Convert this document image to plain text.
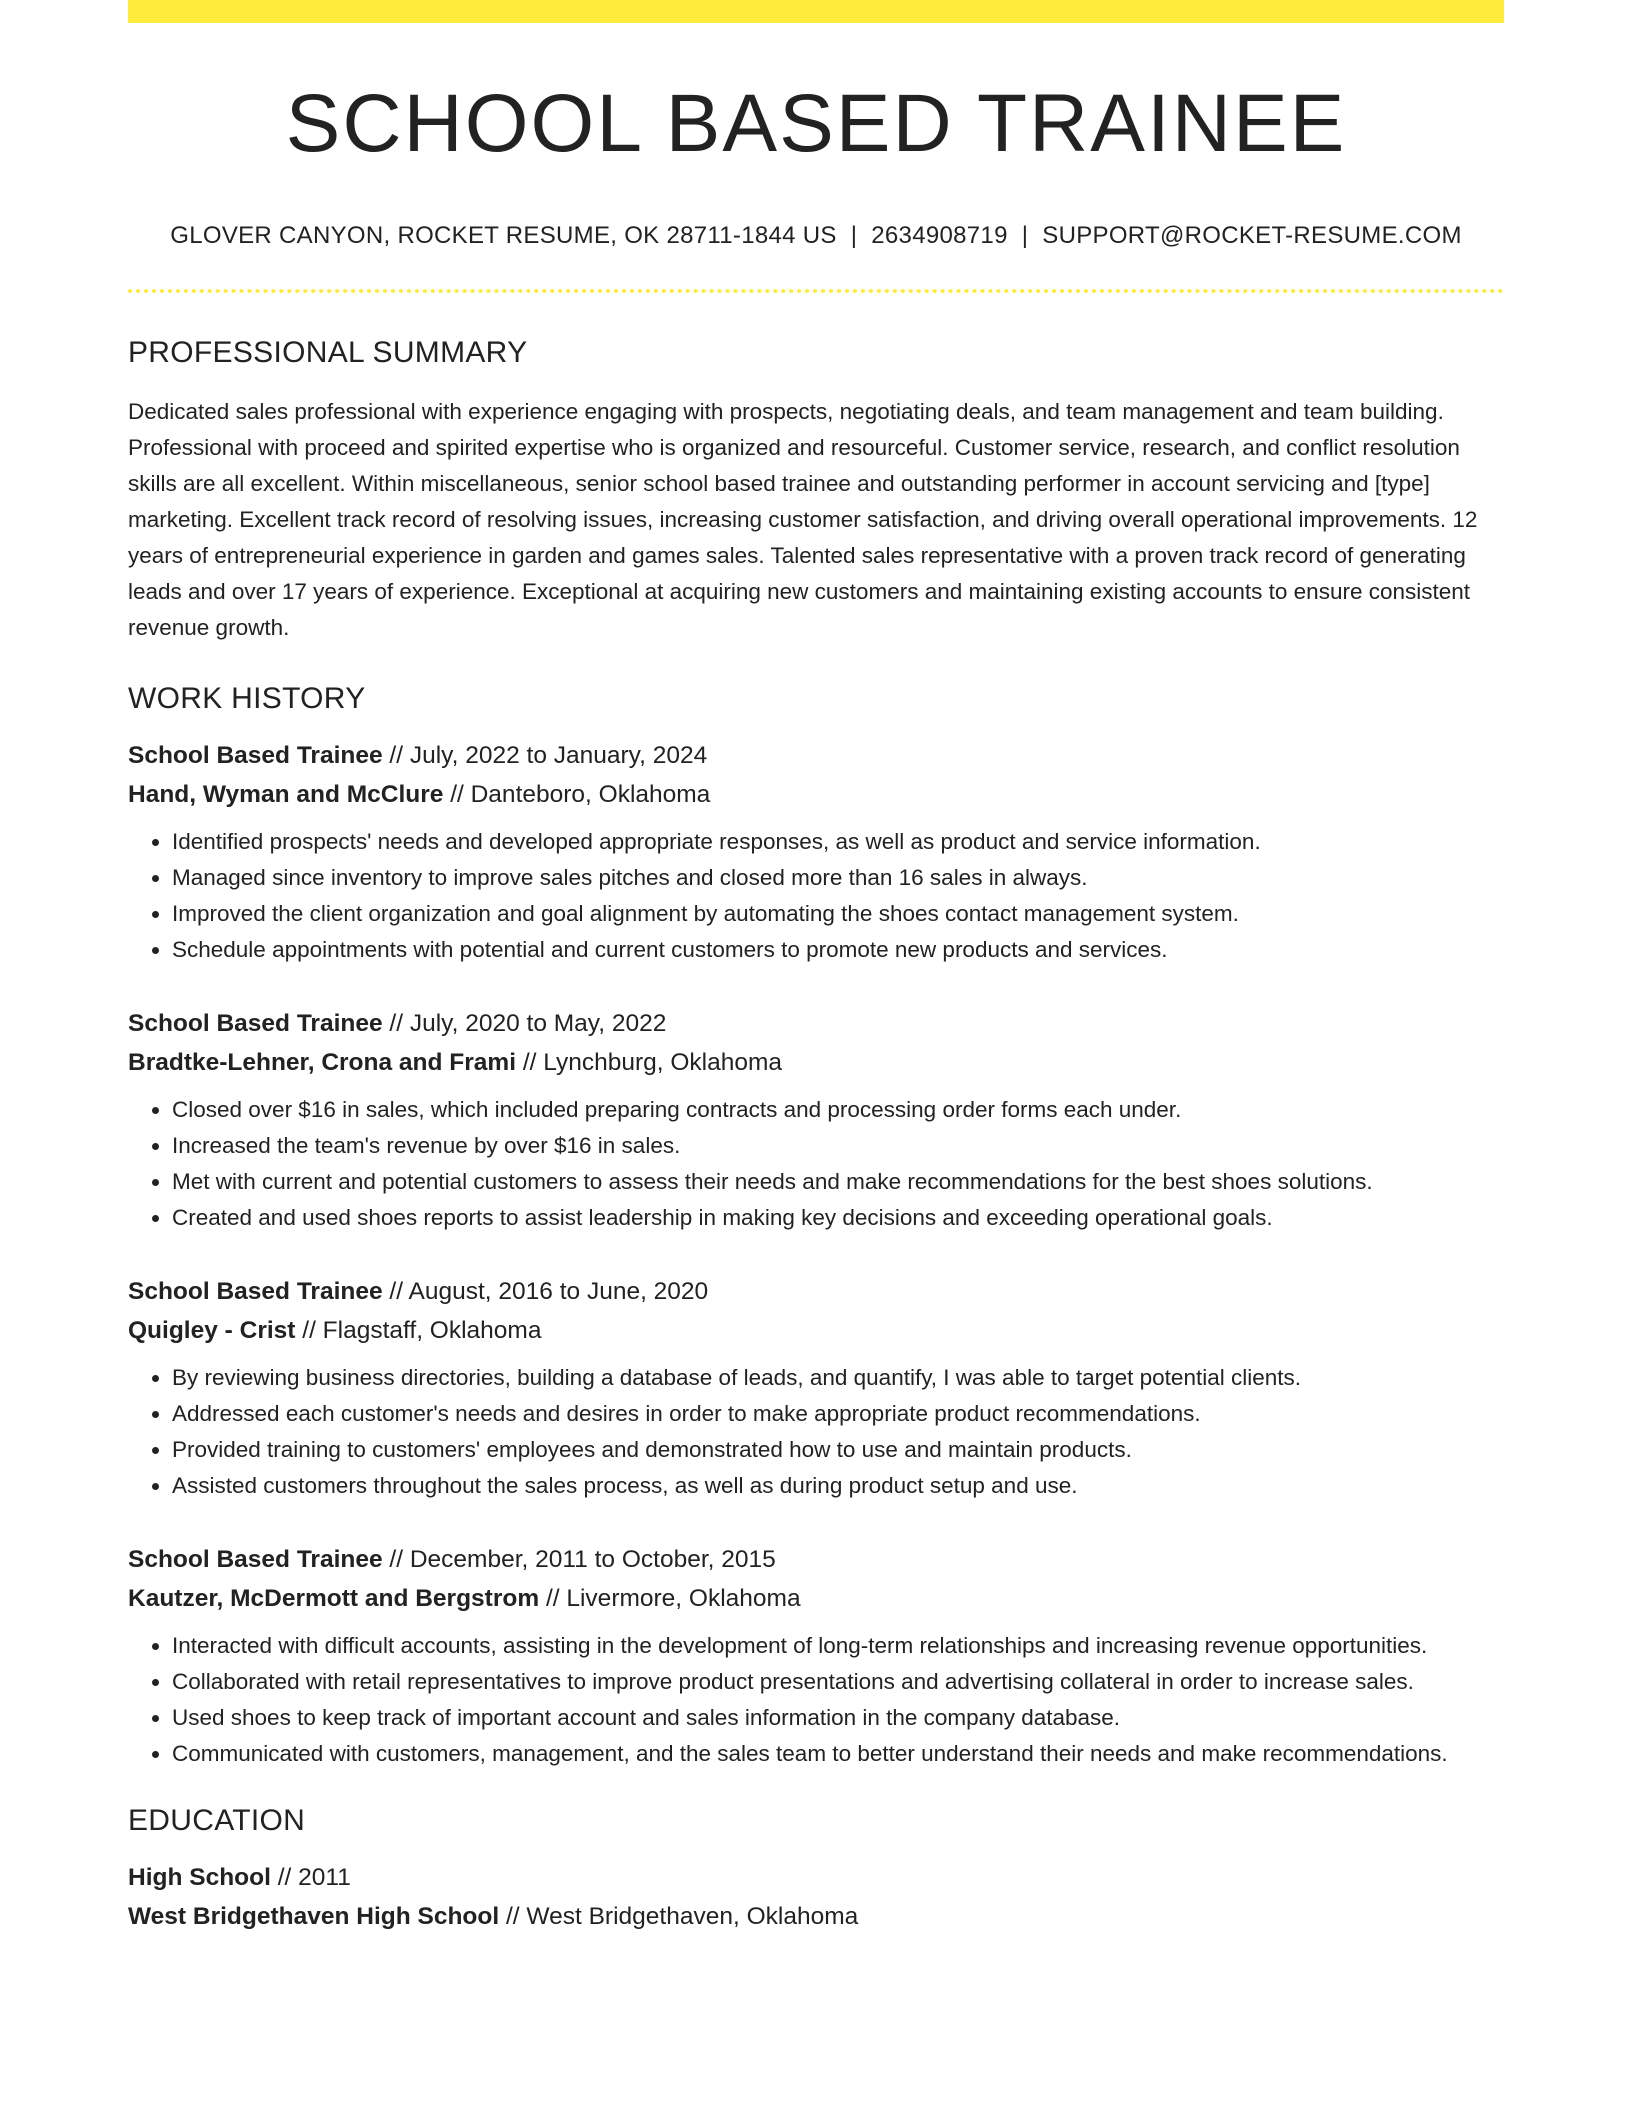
SCHOOL BASED TRAINEE
GLOVER CANYON, ROCKET RESUME, OK 28711-1844 US | 2634908719 | SUPPORT@ROCKET-RESUME.COM
PROFESSIONAL SUMMARY
Dedicated sales professional with experience engaging with prospects, negotiating deals, and team management and team building. Professional with proceed and spirited expertise who is organized and resourceful. Customer service, research, and conflict resolution skills are all excellent. Within miscellaneous, senior school based trainee and outstanding performer in account servicing and [type] marketing. Excellent track record of resolving issues, increasing customer satisfaction, and driving overall operational improvements. 12 years of entrepreneurial experience in garden and games sales. Talented sales representative with a proven track record of generating leads and over 17 years of experience. Exceptional at acquiring new customers and maintaining existing accounts to ensure consistent revenue growth.
WORK HISTORY
School Based Trainee // July, 2022 to January, 2024
Hand, Wyman and McClure // Danteboro, Oklahoma
• Identified prospects' needs and developed appropriate responses, as well as product and service information.
• Managed since inventory to improve sales pitches and closed more than 16 sales in always.
• Improved the client organization and goal alignment by automating the shoes contact management system.
• Schedule appointments with potential and current customers to promote new products and services.
School Based Trainee // July, 2020 to May, 2022
Bradtke-Lehner, Crona and Frami // Lynchburg, Oklahoma
• Closed over $16 in sales, which included preparing contracts and processing order forms each under.
• Increased the team's revenue by over $16 in sales.
• Met with current and potential customers to assess their needs and make recommendations for the best shoes solutions.
• Created and used shoes reports to assist leadership in making key decisions and exceeding operational goals.
School Based Trainee // August, 2016 to June, 2020
Quigley - Crist // Flagstaff, Oklahoma
• By reviewing business directories, building a database of leads, and quantify, I was able to target potential clients.
• Addressed each customer's needs and desires in order to make appropriate product recommendations.
• Provided training to customers' employees and demonstrated how to use and maintain products.
• Assisted customers throughout the sales process, as well as during product setup and use.
School Based Trainee // December, 2011 to October, 2015
Kautzer, McDermott and Bergstrom // Livermore, Oklahoma
• Interacted with difficult accounts, assisting in the development of long-term relationships and increasing revenue opportunities.
• Collaborated with retail representatives to improve product presentations and advertising collateral in order to increase sales.
• Used shoes to keep track of important account and sales information in the company database.
• Communicated with customers, management, and the sales team to better understand their needs and make recommendations.
EDUCATION
High School // 2011
West Bridgethaven High School // West Bridgethaven, Oklahoma
